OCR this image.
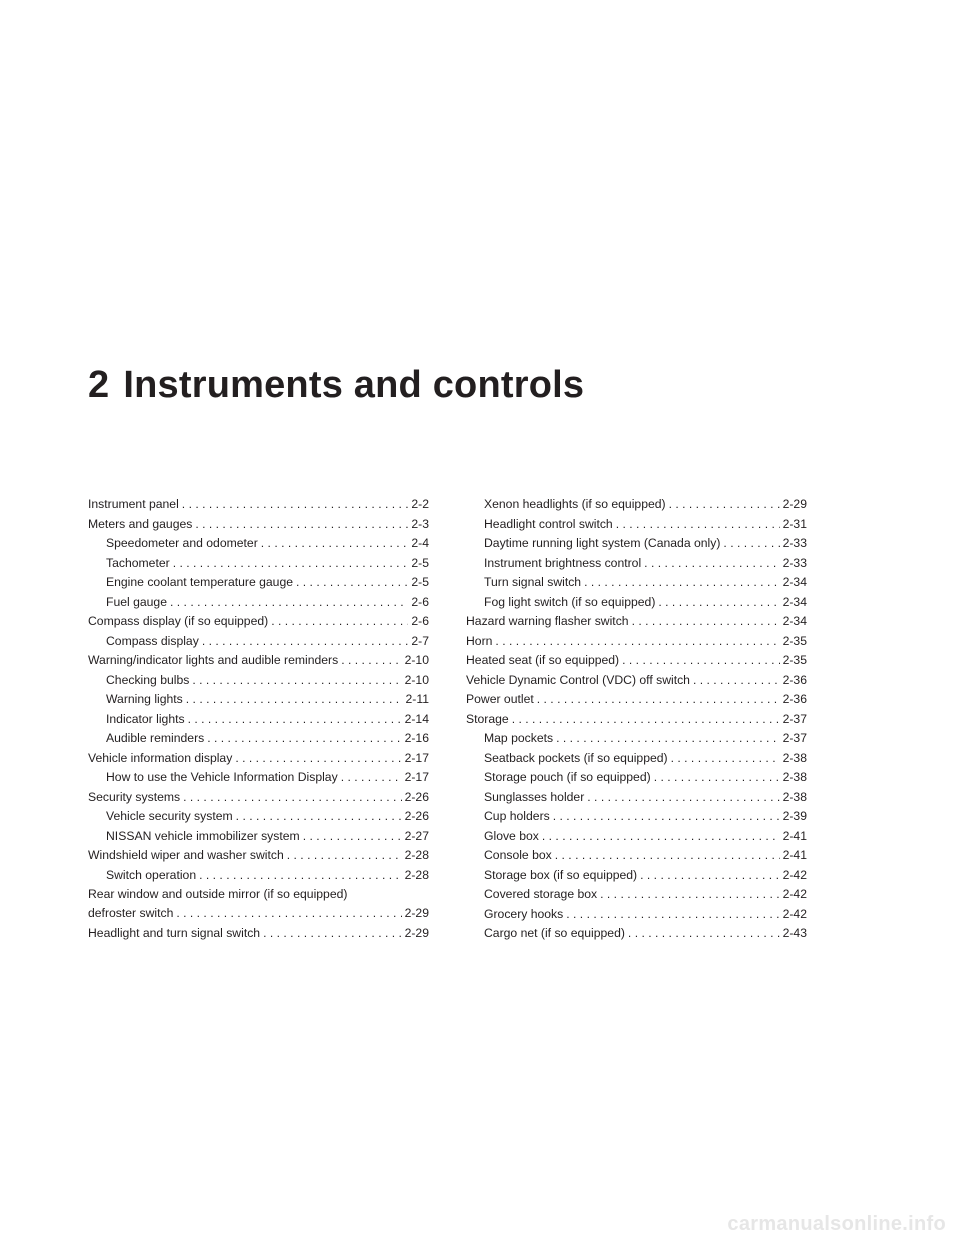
2 Instruments and controls
Instrument panel . . .	2-2
Meters and gauges . . .	2-3
Speedometer and odometer . . .	2-4
Tachometer . . .	2-5
Engine coolant temperature gauge . . .	2-5
Fuel gauge . . .	2-6
Compass display (if so equipped) . . .	2-6
Compass display . . .	2-7
Warning/indicator lights and audible reminders . . .	2-10
Checking bulbs . . .	2-10
Warning lights . . .	2-11
Indicator lights . . .	2-14
Audible reminders . . .	2-16
Vehicle information display . . .	2-17
How to use the Vehicle Information Display . . .	2-17
Security systems . . .	2-26
Vehicle security system . . .	2-26
NISSAN vehicle immobilizer system . . .	2-27
Windshield wiper and washer switch . . .	2-28
Switch operation . . .	2-28
Rear window and outside mirror (if so equipped)
defroster switch . . .	2-29
Headlight and turn signal switch . . .	2-29
Xenon headlights (if so equipped) . . .	2-29
Headlight control switch . . .	2-31
Daytime running light system (Canada only) . . .	2-33
Instrument brightness control . . .	2-33
Turn signal switch . . .	2-34
Fog light switch (if so equipped) . . .	2-34
Hazard warning flasher switch . . .	2-34
Horn . . .	2-35
Heated seat (if so equipped) . . .	2-35
Vehicle Dynamic Control (VDC) off switch . . .	2-36
Power outlet . . .	2-36
Storage . . .	2-37
Map pockets . . .	2-37
Seatback pockets (if so equipped) . . .	2-38
Storage pouch (if so equipped) . . .	2-38
Sunglasses holder . . .	2-38
Cup holders . . .	2-39
Glove box . . .	2-41
Console box . . .	2-41
Storage box (if so equipped) . . .	2-42
Covered storage box . . .	2-42
Grocery hooks . . .	2-42
Cargo net (if so equipped) . . .	2-43
carmanualsonline.info
